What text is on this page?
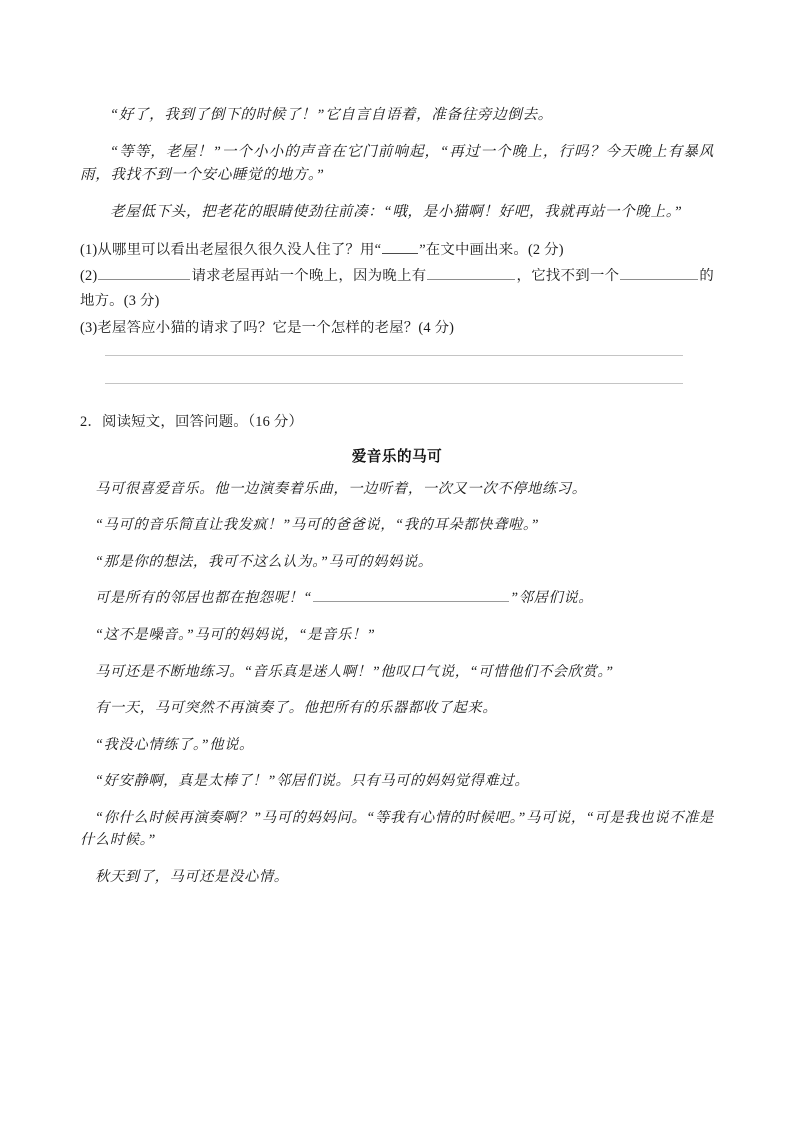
“好了，我到了倒下的时候了！”它自言自语着，准备往旁边倒去。

“等等，老屋！”一个小小的声音在它门前响起，“再过一个晚上，行吗？今天晚上有暴风雨，我找不到一个安心睡觉的地方。”

老屋低下头，把老花的眼睛使劲往前凑：“哦，是小猫啊！好吧，我就再站一个晚上。”

(1)从哪里可以看出老屋很久很久没人住了？用“	”在文中画出来。(2 分)

(2)	请求老屋再站一个晚上，因为晚上有	，它找不到一个	的地方。(3 分)

(3)老屋答应小猫的请求了吗？它是一个怎样的老屋？(4 分)

2．阅读短文，回答问题。（16 分）

爱音乐的马可

马可很喜爱音乐。他一边演奏着乐曲，一边听着，一次又一次不停地练习。

“马可的音乐简直让我发疯！”马可的爸爸说，“我的耳朵都快聋啦。”

“那是你的想法，我可不这么认为。”马可的妈妈说。

可是所有的邻居也都在抱怨呢！“	”邻居们说。

“这不是噪音。”马可的妈妈说，“是音乐！”

马可还是不断地练习。“音乐真是迷人啊！”他叹口气说，“可惜他们不会欣赏。”

有一天，马可突然不再演奏了。他把所有的乐器都收了起来。

“我没心情练了。”他说。

“好安静啊，真是太棒了！”邻居们说。只有马可的妈妈觉得难过。

“你什么时候再演奏啊？”马可的妈妈问。“等我有心情的时候吧。”马可说，“可是我也说不准是什么时候。”

秋天到了，马可还是没心情。
